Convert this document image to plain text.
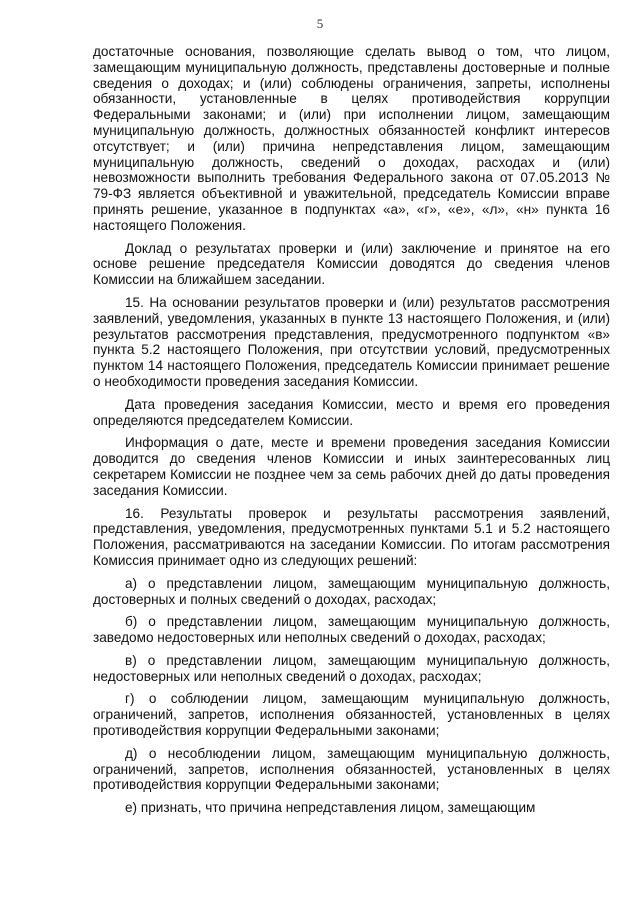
5

достаточные основания, позволяющие сделать вывод о том, что лицом, замещающим муниципальную должность, представлены достоверные и полные сведения о доходах; и (или) соблюдены ограничения, запреты, исполнены обязанности, установленные в целях противодействия коррупции Федеральными законами; и (или) при исполнении лицом, замещающим муниципальную должность, должностных обязанностей конфликт интересов отсутствует; и (или) причина непредставления лицом, замещающим муниципальную должность, сведений о доходах, расходах и (или) невозможности выполнить требования Федерального закона от 07.05.2013 № 79-ФЗ является объективной и уважительной, председатель Комиссии вправе принять решение, указанное в подпунктах «а», «г», «е», «л», «н» пункта 16 настоящего Положения.

Доклад о результатах проверки и (или) заключение и принятое на его основе решение председателя Комиссии доводятся до сведения членов Комиссии на ближайшем заседании.

15. На основании результатов проверки и (или) результатов рассмотрения заявлений, уведомления, указанных в пункте 13 настоящего Положения, и (или) результатов рассмотрения представления, предусмотренного подпунктом «в» пункта 5.2 настоящего Положения, при отсутствии условий, предусмотренных пунктом 14 настоящего Положения, председатель Комиссии принимает решение о необходимости проведения заседания Комиссии.

Дата проведения заседания Комиссии, место и время его проведения определяются председателем Комиссии.

Информация о дате, месте и времени проведения заседания Комиссии доводится до сведения членов Комиссии и иных заинтересованных лиц секретарем Комиссии не позднее чем за семь рабочих дней до даты проведения заседания Комиссии.

16. Результаты проверок и результаты рассмотрения заявлений, представления, уведомления, предусмотренных пунктами 5.1 и 5.2 настоящего Положения, рассматриваются на заседании Комиссии. По итогам рассмотрения Комиссия принимает одно из следующих решений:

а) о представлении лицом, замещающим муниципальную должность, достоверных и полных сведений о доходах, расходах;

б) о представлении лицом, замещающим муниципальную должность, заведомо недостоверных или неполных сведений о доходах, расходах;

в) о представлении лицом, замещающим муниципальную должность, недостоверных или неполных сведений о доходах, расходах;

г) о соблюдении лицом, замещающим муниципальную должность, ограничений, запретов, исполнения обязанностей, установленных в целях противодействия коррупции Федеральными законами;

д) о несоблюдении лицом, замещающим муниципальную должность, ограничений, запретов, исполнения обязанностей, установленных в целях противодействия коррупции Федеральными законами;

е) признать, что причина непредставления лицом, замещающим
